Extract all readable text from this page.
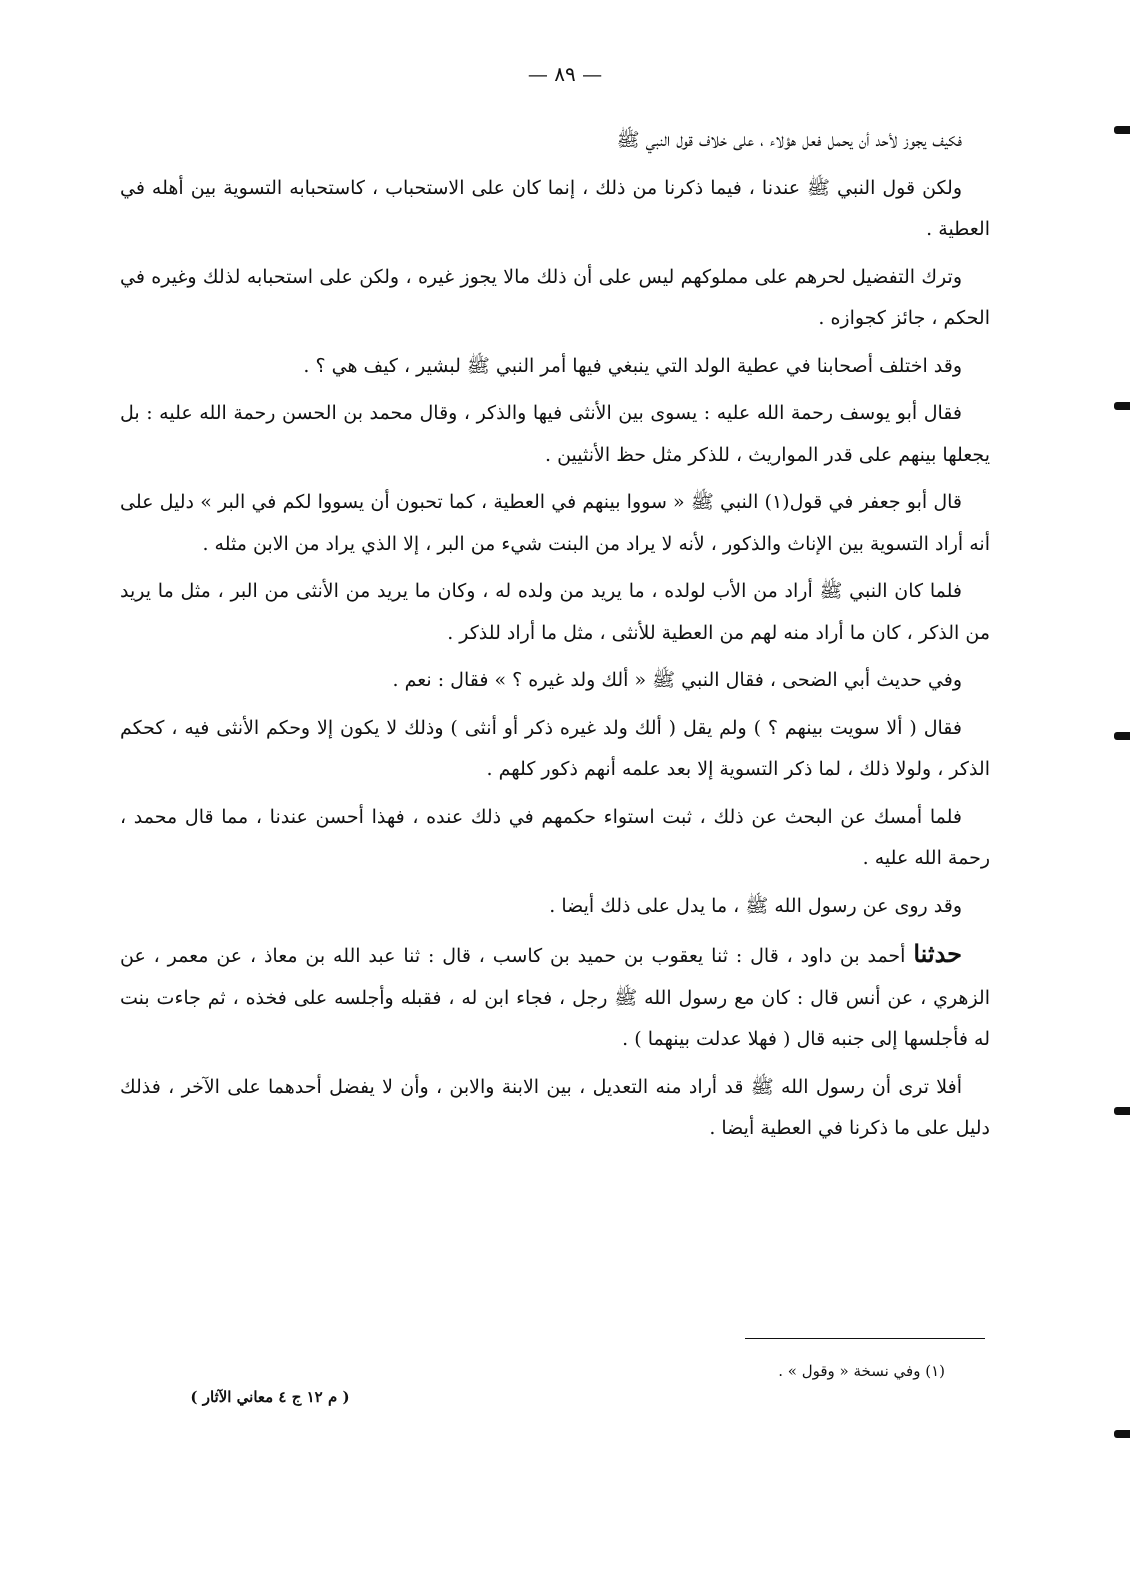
— ٨٩ —

فكيف يجوز لأحد أن يحمل فعل هؤلاء ، على خلاف قول النبي ﷺ

ولكن قول النبي ﷺ عندنا ، فيما ذكرنا من ذلك ، إنما كان على الاستحباب ، كاستحبابه التسوية بين أهله في العطية .

وترك التفضيل لحرهم على مملوكهم ليس على أن ذلك مالا يجوز غيره ، ولكن على استحبابه لذلك وغيره في الحكم ، جائز كجوازه .

وقد اختلف أصحابنا في عطية الولد التي ينبغي فيها أمر النبي ﷺ لبشير ، كيف هي ؟ .

فقال أبو يوسف رحمة الله عليه : يسوى بين الأنثى فيها والذكر ، وقال محمد بن الحسن رحمة الله عليه : بل يجعلها بينهم على قدر المواريث ، للذكر مثل حظ الأنثيين .

قال أبو جعفر في قول(١) النبي ﷺ « سووا بينهم في العطية ، كما تحبون أن يسووا لكم في البر » دليل على أنه أراد التسوية بين الإناث والذكور ، لأنه لا يراد من البنت شيء من البر ، إلا الذي يراد من الابن مثله .

فلما كان النبي ﷺ أراد من الأب لولده ، ما يريد من ولده له ، وكان ما يريد من الأنثى من البر ، مثل ما يريد من الذكر ، كان ما أراد منه لهم من العطية للأنثى ، مثل ما أراد للذكر .

وفي حديث أبي الضحى ، فقال النبي ﷺ « ألك ولد غيره ؟ » فقال : نعم .

فقال ( ألا سويت بينهم ؟ ) ولم يقل ( ألك ولد غيره ذكر أو أنثى ) وذلك لا يكون إلا وحكم الأنثى فيه ، كحكم الذكر ، ولولا ذلك ، لما ذكر التسوية إلا بعد علمه أنهم ذكور كلهم .

فلما أمسك عن البحث عن ذلك ، ثبت استواء حكمهم في ذلك عنده ، فهذا أحسن عندنا ، مما قال محمد ، رحمة الله عليه .

وقد روى عن رسول الله ﷺ ، ما يدل على ذلك أيضا .

حدثنا أحمد بن داود ، قال : ثنا يعقوب بن حميد بن كاسب ، قال : ثنا عبد الله بن معاذ ، عن معمر ، عن الزهري ، عن أنس قال : كان مع رسول الله ﷺ رجل ، فجاء ابن له ، فقبله وأجلسه على فخذه ، ثم جاءت بنت له فأجلسها إلى جنبه قال ( فهلا عدلت بينهما ) .

أفلا ترى أن رسول الله ﷺ قد أراد منه التعديل ، بين الابنة والابن ، وأن لا يفضل أحدهما على الآخر ، فذلك دليل على ما ذكرنا في العطية أيضا .

(١) وفي نسخة « وقول » .
( م ١٢ ج ٤ معاني الآثار )
